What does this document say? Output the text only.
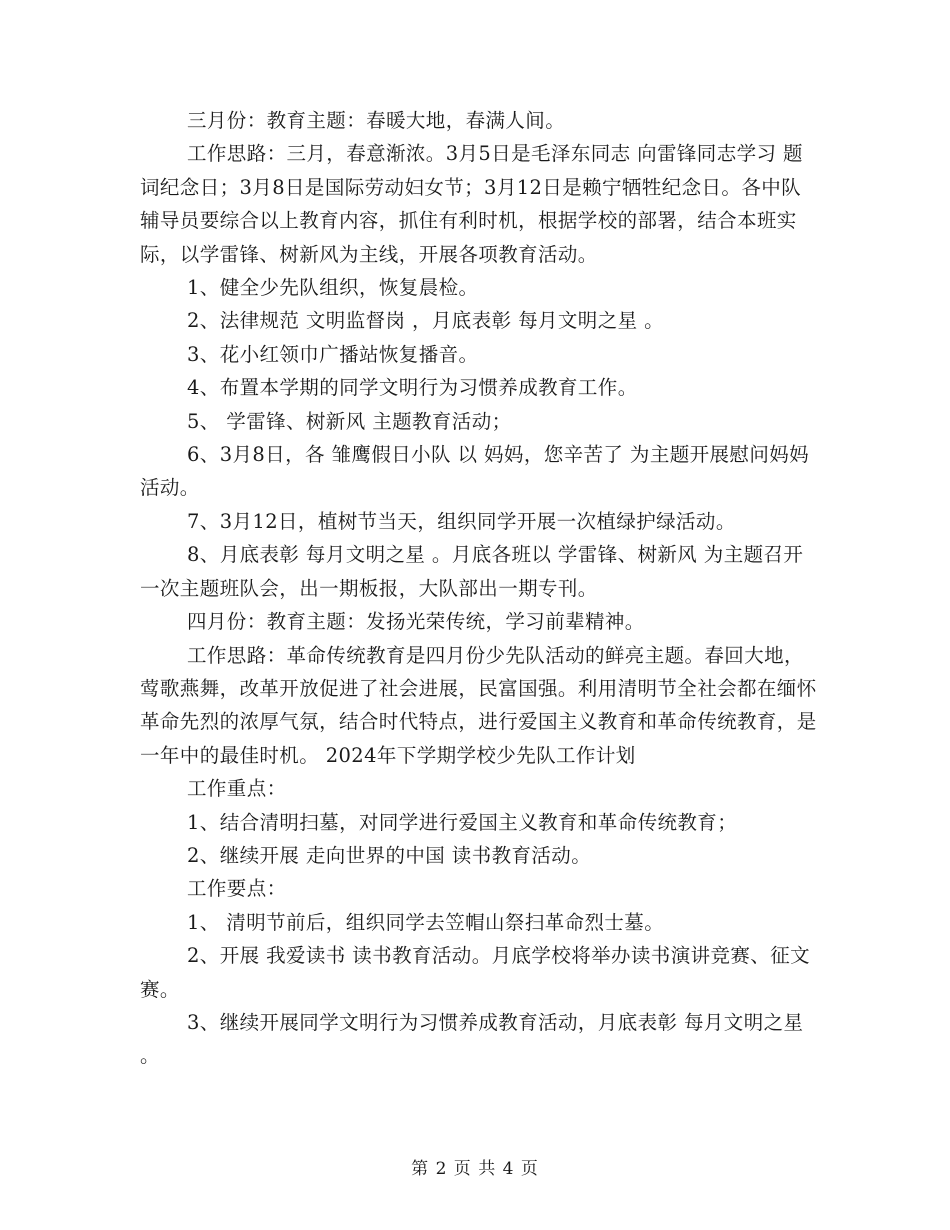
三月份：教育主题：春暖大地，春满人间。

工作思路：三月，春意渐浓。3月5日是毛泽东同志 向雷锋同志学习 题词纪念日；3月8日是国际劳动妇女节；3月12日是赖宁牺牲纪念日。各中队辅导员要综合以上教育内容，抓住有利时机，根据学校的部署，结合本班实际，以学雷锋、树新风为主线，开展各项教育活动。

1、健全少先队组织，恢复晨检。

2、法律规范 文明监督岗 ，月底表彰 每月文明之星 。

3、花小红领巾广播站恢复播音。

4、布置本学期的同学文明行为习惯养成教育工作。

5、 学雷锋、树新风 主题教育活动；

6、3月8日，各 雏鹰假日小队 以 妈妈，您辛苦了 为主题开展慰问妈妈活动。

7、3月12日，植树节当天，组织同学开展一次植绿护绿活动。

8、月底表彰 每月文明之星 。月底各班以 学雷锋、树新风 为主题召开一次主题班队会，出一期板报，大队部出一期专刊。

四月份：教育主题：发扬光荣传统，学习前辈精神。

工作思路：革命传统教育是四月份少先队活动的鲜亮主题。春回大地，莺歌燕舞，改革开放促进了社会进展，民富国强。利用清明节全社会都在缅怀革命先烈的浓厚气氛，结合时代特点，进行爱国主义教育和革命传统教育，是一年中的最佳时机。 2024年下学期学校少先队工作计划

工作重点：

1、结合清明扫墓，对同学进行爱国主义教育和革命传统教育；

2、继续开展 走向世界的中国 读书教育活动。

工作要点：

1、 清明节前后，组织同学去笠帽山祭扫革命烈士墓。

2、开展 我爱读书 读书教育活动。月底学校将举办读书演讲竞赛、征文赛。

3、继续开展同学文明行为习惯养成教育活动，月底表彰 每月文明之星 。

第 2 页 共 4 页
